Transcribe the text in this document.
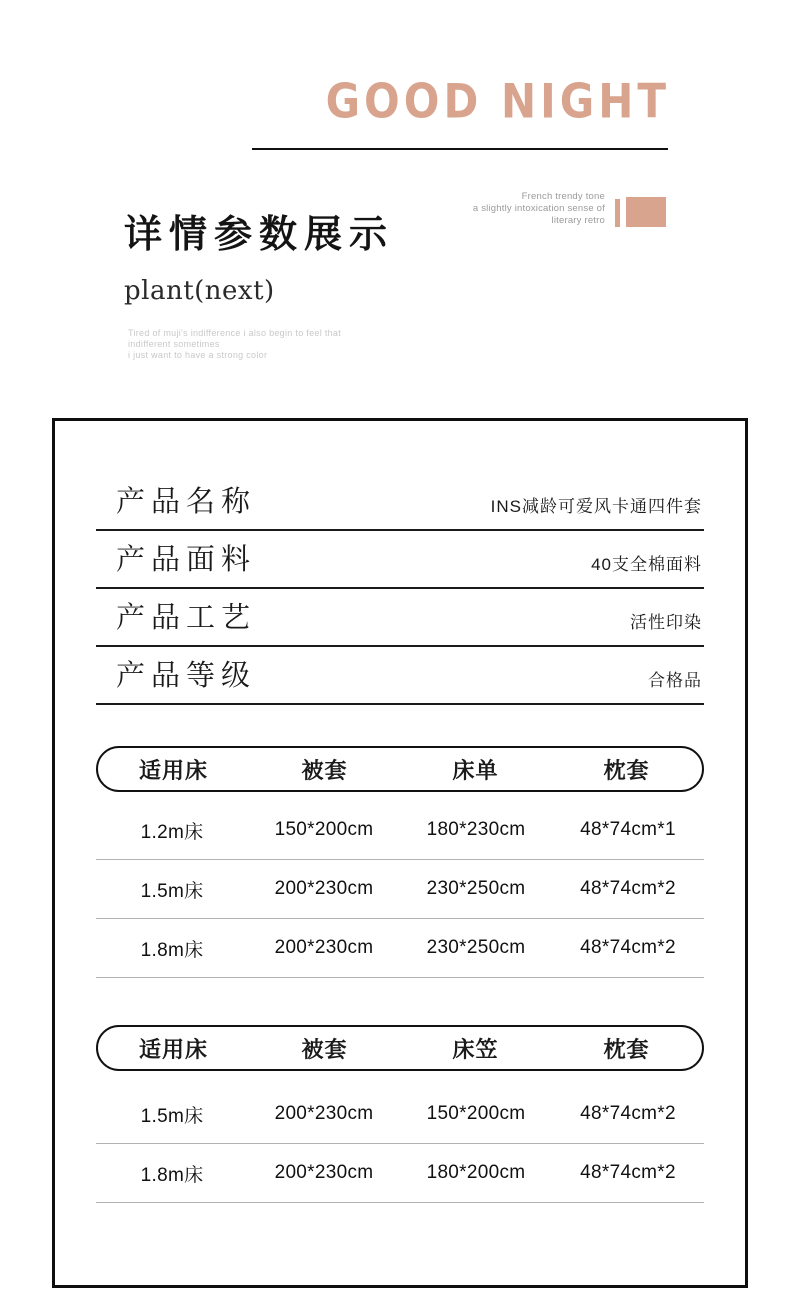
GOOD NIGHT
详情参数展示
plant(next)
Tired of muji's indifference i also begin to feel that
indifferent sometimes
i just want to have a strong color
French trendy tone
a slightly intoxication sense of
literary retro
产品名称	INS减龄可爱风卡通四件套
产品面料	40支全棉面料
产品工艺	活性印染
产品等级	合格品
适用床	被套	床单	枕套
1.2m床	150*200cm	180*230cm	48*74cm*1
1.5m床	200*230cm	230*250cm	48*74cm*2
1.8m床	200*230cm	230*250cm	48*74cm*2
适用床	被套	床笠	枕套
1.5m床	200*230cm	150*200cm	48*74cm*2
1.8m床	200*230cm	180*200cm	48*74cm*2
